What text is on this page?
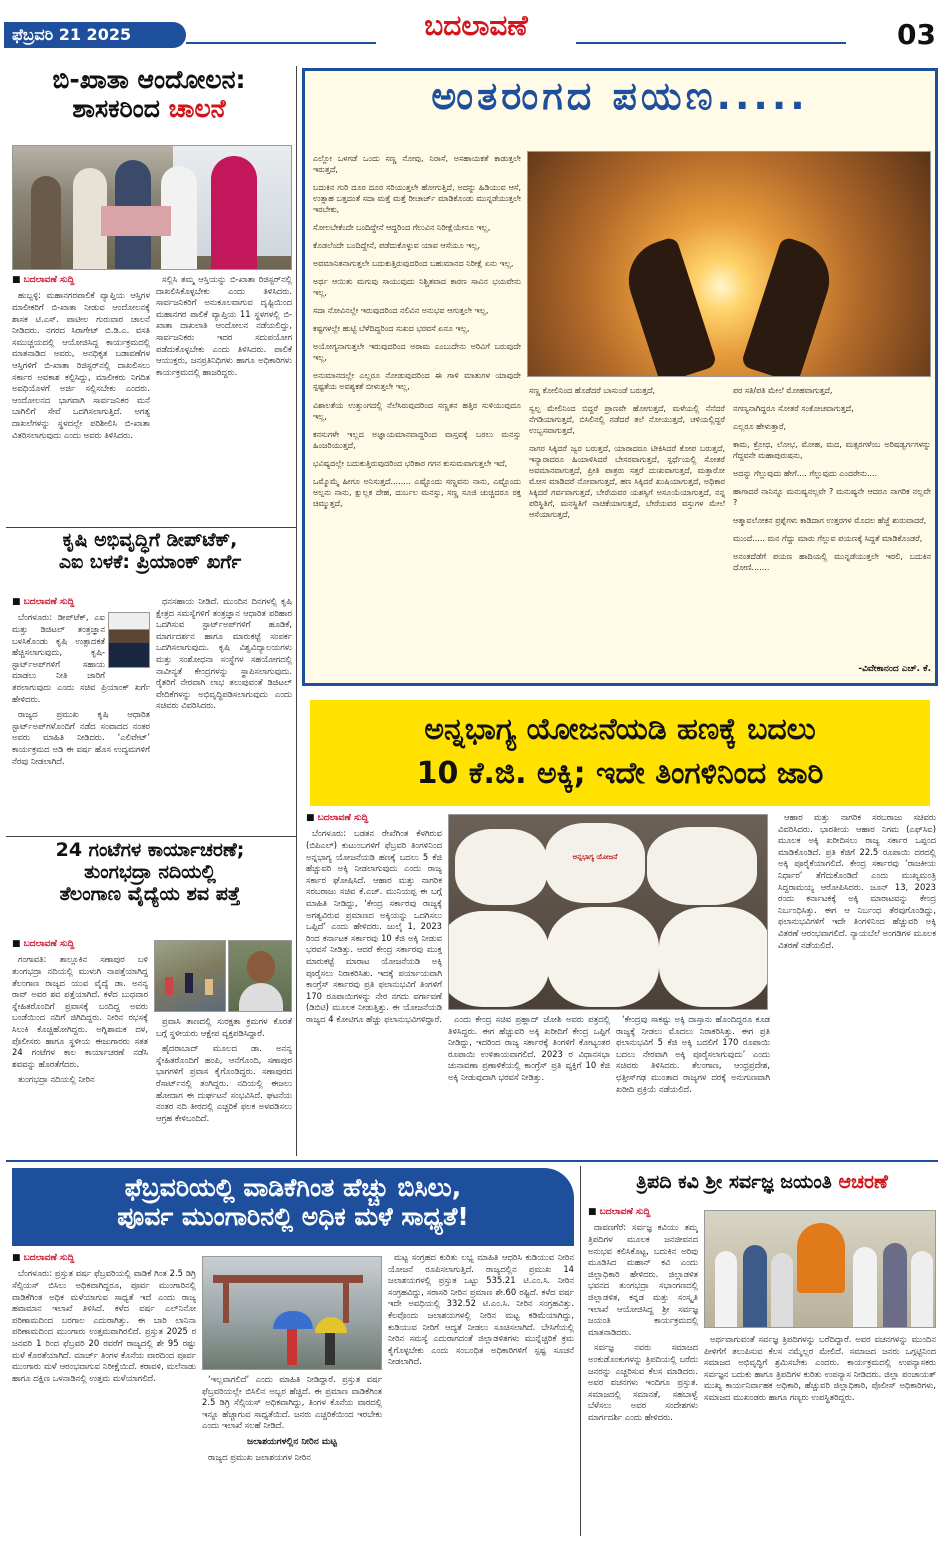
ಫೆಬ್ರವರಿ 21 2025	ಬದಲಾವಣೆ	03
ಬಿ-ಖಾತಾ ಆಂದೋಲನ:
ಶಾಸಕರಿಂದ ಚಾಲನೆ

■ ಬದಲಾವಣೆ ಸುದ್ದಿ

ಹುಬ್ಬಳ್ಳಿ: ಮಹಾನಗರಪಾಲಿಕೆ ವ್ಯಾಪ್ತಿಯ ಆಸ್ತಿಗಳ ಮಾಲೀಕರಿಗೆ ಬಿ-ಖಾತಾ ನೀಡುವ ಆಂದೋಲನಕ್ಕೆ ಶಾಸಕ ಟಿ.ಎಸ್. ಪಾಟೀಲ ಗುರುವಾರ ಚಾಲನೆ ನೀಡಿದರು. ನಗರದ ಸಿರಾಗೇಟ್ ಬಿ.ಡಿ.ಎ. ವಸತಿ ಸಮುಚ್ಚಯದಲ್ಲಿ ಆಯೋಜಿಸಿದ್ದ ಕಾರ್ಯಕ್ರಮದಲ್ಲಿ ಮಾತನಾಡಿದ ಅವರು, ಅನಧಿಕೃತ ಬಡಾವಣೆಗಳ ಆಸ್ತಿಗಳಿಗೆ ಬಿ-ಖಾತಾ ರಿಜಿಸ್ಟರ್‌ನಲ್ಲಿ ದಾಖಲಿಸಲು ಸರ್ಕಾರ ಅವಕಾಶ ಕಲ್ಪಿಸಿದ್ದು, ಮಾಲೀಕರು ನಿಗದಿತ ಅವಧಿಯೊಳಗೆ ಅರ್ಜಿ ಸಲ್ಲಿಸಬೇಕು ಎಂದರು. ಆಂದೋಲನದ ಭಾಗವಾಗಿ ಸಾರ್ವಜನಿಕರ ಮನೆ ಬಾಗಿಲಿಗೆ ಸೇವೆ ಒದಗಿಸಲಾಗುತ್ತಿದೆ. ಅಗತ್ಯ ದಾಖಲೆಗಳನ್ನು ಸ್ಥಳದಲ್ಲೇ ಪರಿಶೀಲಿಸಿ ಬಿ-ಖಾತಾ ವಿತರಿಸಲಾಗುವುದು ಎಂದು ಅವರು ತಿಳಿಸಿದರು.

ಸಲ್ಲಿಸಿ ತಮ್ಮ ಆಸ್ತಿಯನ್ನು ಬಿ-ಖಾತಾ ರಿಜಿಸ್ಟರ್‌ನಲ್ಲಿ ದಾಖಲಿಸಿಕೊಳ್ಳಬೇಕು ಎಂದು ತಿಳಿಸಿದರು. ಸಾರ್ವಜನಿಕರಿಗೆ ಅನುಕೂಲವಾಗುವ ದೃಷ್ಟಿಯಿಂದ ಮಹಾನಗರ ಪಾಲಿಕೆ ವ್ಯಾಪ್ತಿಯ 11 ಸ್ಥಳಗಳಲ್ಲಿ ಬಿ-ಖಾತಾ ದಾಖಲಾತಿ ಆಂದೋಲನ ನಡೆಯಲಿದ್ದು, ಸಾರ್ವಜನಿಕರು ಇದರ ಸದುಪಯೋಗ ಪಡೆದುಕೊಳ್ಳಬೇಕು ಎಂದು ತಿಳಿಸಿದರು. ಪಾಲಿಕೆ ಆಯುಕ್ತರು, ಜನಪ್ರತಿನಿಧಿಗಳು ಹಾಗೂ ಅಧಿಕಾರಿಗಳು ಕಾರ್ಯಕ್ರಮದಲ್ಲಿ ಹಾಜರಿದ್ದರು.

ಕೃಷಿ ಅಭಿವೃದ್ಧಿಗೆ ಡೀಪ್‌ಟೆಕ್,
ಎಐ ಬಳಕೆ: ಪ್ರಿಯಾಂಕ್ ಖರ್ಗೆ

■ ಬದಲಾವಣೆ ಸುದ್ದಿ

ಬೆಂಗಳೂರು: ಡೀಪ್‌ಟೆಕ್, ಎಐ ಮತ್ತು ಡಿಜಿಟಲ್ ತಂತ್ರಜ್ಞಾನ ಬಳಸಿಕೊಂಡು ಕೃಷಿ ಉತ್ಪಾದಕತೆ ಹೆಚ್ಚಿಸಲಾಗುವುದು, ಕೃಷಿ-ಸ್ಟಾರ್ಟ್‌ಅಪ್‌ಗಳಿಗೆ ಸಹಾಯ ಮಾಡಲು ನೀತಿ ಜಾರಿಗೆ ತರಲಾಗುವುದು ಎಂದು ಸಚಿವ ಪ್ರಿಯಾಂಕ್ ಖರ್ಗೆ ಹೇಳಿದರು.

ರಾಜ್ಯದ ಪ್ರಮುಖ ಕೃಷಿ ಆಧಾರಿತ ಸ್ಟಾರ್ಟ್‌ಅಪ್‌ಗಳೊಂದಿಗೆ ನಡೆದ ಸಂವಾದದ ನಂತರ ಅವರು ಮಾಹಿತಿ ನೀಡಿದರು. ‘ಎಲಿವೇಟ್’ ಕಾರ್ಯಕ್ರಮದ ಅಡಿ ಈ ವರ್ಷ ಹೊಸ ಉದ್ಯಮಗಳಿಗೆ ನೆರವು ನೀಡಲಾಗಿದೆ.

ಧನಸಹಾಯ ನೀಡಿದೆ. ಮುಂದಿನ ದಿನಗಳಲ್ಲಿ ಕೃಷಿ ಕ್ಷೇತ್ರದ ಸಮಸ್ಯೆಗಳಿಗೆ ತಂತ್ರಜ್ಞಾನ ಆಧಾರಿತ ಪರಿಹಾರ ಒದಗಿಸುವ ಸ್ಟಾರ್ಟ್‌ಅಪ್‌ಗಳಿಗೆ ಹೂಡಿಕೆ, ಮಾರ್ಗದರ್ಶನ ಹಾಗೂ ಮಾರುಕಟ್ಟೆ ಸಂಪರ್ಕ ಒದಗಿಸಲಾಗುವುದು. ಕೃಷಿ ವಿಶ್ವವಿದ್ಯಾಲಯಗಳು ಮತ್ತು ಸಂಶೋಧನಾ ಸಂಸ್ಥೆಗಳ ಸಹಯೋಗದಲ್ಲಿ ನಾವೀನ್ಯತೆ ಕೇಂದ್ರಗಳನ್ನು ಸ್ಥಾಪಿಸಲಾಗುವುದು. ರೈತರಿಗೆ ನೇರವಾಗಿ ಲಾಭ ತಲುಪುವಂತೆ ಡಿಜಿಟಲ್ ವೇದಿಕೆಗಳನ್ನು ಅಭಿವೃದ್ಧಿಪಡಿಸಲಾಗುವುದು ಎಂದು ಸಚಿವರು ವಿವರಿಸಿದರು.

24 ಗಂಟೆಗಳ ಕಾರ್ಯಾಚರಣೆ;
ತುಂಗಭದ್ರಾ ನದಿಯಲ್ಲಿ
ತೆಲಂಗಾಣ ವೈದ್ಯೆಯ ಶವ ಪತ್ತೆ

■ ಬದಲಾವಣೆ ಸುದ್ದಿ

ಗಂಗಾವತಿ: ತಾಲ್ಲೂಕಿನ ಸಣಾಪುರ ಬಳಿ ತುಂಗಭದ್ರಾ ನದಿಯಲ್ಲಿ ಮುಳುಗಿ ನಾಪತ್ತೆಯಾಗಿದ್ದ ತೆಲಂಗಾಣ ರಾಜ್ಯದ ಯುವ ವೈದ್ಯೆ ಡಾ. ಅನನ್ಯ ರಾವ್ ಅವರ ಶವ ಪತ್ತೆಯಾಗಿದೆ. ಕಳೆದ ಬುಧವಾರ ಸ್ನೇಹಿತರೊಂದಿಗೆ ಪ್ರವಾಸಕ್ಕೆ ಬಂದಿದ್ದ ಅವರು ಬಂಡೆಯಿಂದ ನದಿಗೆ ಜಿಗಿದಿದ್ದರು. ನೀರಿನ ರಭಸಕ್ಕೆ ಸಿಲುಕಿ ಕೊಚ್ಚಿಹೋಗಿದ್ದರು. ಅಗ್ನಿಶಾಮಕ ದಳ, ಪೊಲೀಸರು ಹಾಗೂ ಸ್ಥಳೀಯ ಈಜುಗಾರರು ಸತತ 24 ಗಂಟೆಗಳ ಕಾಲ ಕಾರ್ಯಾಚರಣೆ ನಡೆಸಿ ಶವವನ್ನು ಹೊರತೆಗೆದರು.

ತುಂಗಭದ್ರಾ ನದಿಯಲ್ಲಿ ನೀರಿನ

ಪ್ರವಾಸಿ ತಾಣದಲ್ಲಿ ಸುರಕ್ಷತಾ ಕ್ರಮಗಳ ಕೊರತೆ ಬಗ್ಗೆ ಸ್ಥಳೀಯರು ಆಕ್ಷೇಪ ವ್ಯಕ್ತಪಡಿಸಿದ್ದಾರೆ.

ಹೈದರಾಬಾದ್ ಮೂಲದ ಡಾ. ಅನನ್ಯ ಸ್ನೇಹಿತರೊಂದಿಗೆ ಹಂಪಿ, ಆನೆಗೊಂದಿ, ಸಣಾಪುರ ಭಾಗಗಳಿಗೆ ಪ್ರವಾಸ ಕೈಗೊಂಡಿದ್ದರು. ಸಣಾಪುರದ ರೆಸಾರ್ಟ್‌ನಲ್ಲಿ ತಂಗಿದ್ದರು. ನದಿಯಲ್ಲಿ ಈಜಲು ಹೋದಾಗ ಈ ದುರ್ಘಟನೆ ಸಂಭವಿಸಿದೆ. ಘಟನೆಯ ನಂತರ ನದಿ ತೀರದಲ್ಲಿ ಎಚ್ಚರಿಕೆ ಫಲಕ ಅಳವಡಿಸಲು ಆಗ್ರಹ ಕೇಳಿಬಂದಿದೆ.

ಅಂತರಂಗದ ಪಯಣ.....

ಎಲ್ಲೋ ಒಳಗಡೆ ಒಂದು ಸಣ್ಣ ನೋವು, ನಿರಾಸೆ, ಅಸಹಾಯಕತೆ ಕಾಡುತ್ತಲೇ ಇರುತ್ತದೆ,

ಬದುಕಿನ ಗುರಿ ದೂರ ದೂರ ಸರಿಯುತ್ತಲೇ ಹೋಗುತ್ತಿದೆ, ಅದನ್ನು ಹಿಡಿಯುವ ಆಸೆ, ಉತ್ಸಾಹ ಬತ್ತದಂತೆ ಸದಾ ಮತ್ತೆ ಮತ್ತೆ ರೀಚಾರ್ಜ್ ಮಾಡಿಕೊಂಡು ಮುನ್ನಡೆಯುತ್ತಲೇ ಇರಬೇಕು,

ಸೋಲಬೇಕೆಂದೇ ಬಂದಿದ್ದೇನೆ ಆದ್ದರಿಂದ ಗೆಲುವಿನ ನಿರೀಕ್ಷೆಯೇನೂ ಇಲ್ಲ,

ಕೊಡಲೆಂದೇ ಬಂದಿದ್ದೇನೆ, ಪಡೆದುಕೊಳ್ಳುವ ಯಾವ ಆಸೆಯೂ ಇಲ್ಲ,

ಅವಮಾನಿತನಾಗುತ್ತಲೇ ಬದುಕುತ್ತಿರುವುದರಿಂದ ಬಹುಮಾನದ ನಿರೀಕ್ಷೆ ಏನು ಇಲ್ಲ,

ಅರ್ಥ ಆಯಿತು ಮಗುವು ಸಾಯುವುದು ನಿಶ್ಚಿತವಾದ ಕಾರಣ ಸಾವಿನ ಭಯವೇನು ಇಲ್ಲ,

ಸದಾ ನೋವಿನಲ್ಲೇ ಇರುವುದರಿಂದ ನಲಿವಿನ ಅನುಭವ ಆಗುತ್ತಲೇ ಇಲ್ಲ,

ಕಷ್ಟಗಳಲ್ಲೇ ಹುಟ್ಟಿ ಬೆಳೆದಿದ್ದರಿಂದ ಸುಖದ ಭರವಸೆ ಏನೂ ಇಲ್ಲ,

ಅಯೋಗ್ಯನಾಗುತ್ತಲೇ ಇರುವುದರಿಂದ ಅರಾಮ ಎಂಬುದೇನು ಅರಿವಿಗೆ ಬರುವುದೇ ಇಲ್ಲ,

ಅನುಮಾನದಲ್ಲೇ ಎಲ್ಲರೂ ನೋಡುವುದರಿಂದ ಈ ಗಾಳಿ ಮಾತುಗಳ ಯಾವುದೇ ಸ್ಪಷ್ಟತೆಯ ಅವಶ್ಯಕತೆ ಬೀಳುತ್ತಲೇ ಇಲ್ಲ,

ವಿಶಾಲತೆಯ ಉತ್ತುಂಗದಲ್ಲಿ ನೆಲೆಸಿರುವುದರಿಂದ ಸಣ್ಣತನ ಹತ್ತಿರ ಸುಳಿಯುವುದೂ ಇಲ್ಲ,

ಕನಸುಗಳೇ ಇಲ್ಲದ ಅಜ್ಞಾಯಮಾನವಾದ್ದರಿಂದ ವಾಸ್ತವಕ್ಕೆ ಬರಲು ಮನಸ್ಸು ಹಿಂಜರಿಯುತ್ತದೆ,

ಭವಿಷ್ಯದಲ್ಲೇ ಬದುಕುತ್ತಿರುವುದರಿಂದ ಭರಿಕಾರ ಗಗನ ಕುಸುಮವಾಗುತ್ತಲೇ ಇದೆ,

ಒಮ್ಮೊಮ್ಮೆ ಹೀಗೂ ಅನಿಸುತ್ತದೆ........ ಎಷ್ಟೊಂದು ಸಣ್ಣವನು ನಾನು, ಎಷ್ಟೊಂದು ಅಲ್ಪನು ನಾನು, ಕ್ಷುಲ್ಲಕ ದೇಹ, ದುರ್ಬಲ ಮನಸ್ಸು, ಸಣ್ಣ ಸೂಜಿ ಚುಚ್ಚಿದರೂ ರಕ್ತ ಚಿಮ್ಮುತ್ತದೆ,

ಸಣ್ಣ ಕೋಲಿನಿಂದ ಹೊಡೆದರೆ ಬಾಸುಂಡೆ ಬರುತ್ತದೆ,

ಸ್ವಲ್ಪ ಮೇಲಿನಿಂದ ಬಿದ್ದರೆ ಪ್ರಾಣವೇ ಹೋಗುತ್ತದೆ, ಮಳೆಯಲ್ಲಿ ನೆನೆದರೆ ನೆಗಡಿಯಾಗುತ್ತದೆ, ಬಿಸಿಲಿನಲ್ಲಿ ನಡೆದರೆ ತಲೆ ನೋಯುತ್ತದೆ, ಚಳಿಯಲ್ಲಿದ್ದರೆ ಉಬ್ಬಸವಾಗುತ್ತದೆ,

ನಾಗರ ಸಿಕ್ಕಿದರೆ ಜ್ವರ ಬರುತ್ತದೆ, ಯಾರಾದರೂ ಟೀಕಿಸಿದರೆ ಕೋಪ ಬರುತ್ತದೆ, ಇನ್ಯಾರಾದರೂ ಹಿಯಾಳಿಸಿದರೆ ಬೇಸರವಾಗುತ್ತದೆ, ಸ್ಪರ್ಧೆಯಲ್ಲಿ ಸೋತರೆ ಅವಮಾನವಾಗುತ್ತದೆ, ಪ್ರೀತಿ ಪಾತ್ರರು ಸತ್ತರೆ ದುಃಖವಾಗುತ್ತದೆ, ಮತ್ತಾರೋ ಮೋಸ ಮಾಡಿದರೆ ನೋವಾಗುತ್ತದೆ, ಹಣ ಸಿಕ್ಕಿದರೆ ಖುಷಿಯಾಗುತ್ತದೆ, ಅಧಿಕಾರ ಸಿಕ್ಕಿದರೆ ಗರ್ವವಾಗುತ್ತದೆ, ಬೇರೆಯವರ ಯಶಸ್ಸಿಗೆ ಅಸೂಯೆಯಾಗುತ್ತದೆ, ನನ್ನ ಪರಿಸ್ಥಿತಿಗೆ, ಮನಸ್ಥಿತಿಗೆ ನಾಚಿಕೆಯಾಗುತ್ತದೆ, ಬೇರೆಯವರ ವಸ್ತುಗಳ ಮೇಲೆ ಆಸೆಯಾಗುತ್ತದೆ,

ಪರ ಸತಿ/ಪತಿ ಮೇಲೆ ಮೋಹವಾಗುತ್ತದೆ,

ನಗಣ್ಯನಾಗಿದ್ದರೂ ಸೋತರೆ ಸಂಕೋಚವಾಗುತ್ತದೆ,

ಎಲ್ಲರೂ ಹೇಳುತ್ತಾರೆ,

ಕಾಮ, ಕ್ರೋಧ, ಲೋಭ, ಮೋಹ, ಮದ, ಮತ್ಸರಗಳೆಂಬ ಅರಿಷಡ್ವರ್ಗಗಳನ್ನು ಗೆದ್ದವನೇ ಮಹಾಪುರುಷನು,

ಅದನ್ನು ಗೆಲ್ಲುವುದು ಹೇಗೆ.... ಗೆಲ್ಲುವುದು ಎಂದರೇನು....

ಹಾಗಾದರೆ ನಾನಿನ್ನೂ ಮನುಷ್ಯನಲ್ಲವೇ ? ಮನುಷ್ಯನೇ ಆದರೂ ನಾಗರಿಕ ನಲ್ಲವೇ ?

ಆತ್ಮಾವಲೋಕನ ಪ್ರಶ್ನೆಗಳು ಕಾಡಿದಾಗ ಉತ್ತರಗಳ ಮೊದಲ ಹೆಜ್ಜೆ ಶುರುವಾದರೆ,

ಮುಂದೆ..... ಮನ ಗೆದ್ದು ಮಾರು ಗೆಲ್ಲುವ ಪಯಣಕ್ಕೆ ಸಿದ್ದತೆ ಮಾಡಿಕೊಂಡರೆ,

ಅನಂತದೆಡೆಗೆ ಪಯಣ ಹಾದಿಯಲ್ಲಿ ಮುನ್ನಡೆಯುತ್ತಲೇ ಇರಲಿ, ಬದುಕಿನ ದೋಣಿ.......

-ವಿವೇಕಾನಂದ ಎಚ್. ಕೆ.
ಅನ್ನಭಾಗ್ಯ ಯೋಜನೆಯಡಿ ಹಣಕ್ಕೆ ಬದಲು
10 ಕೆ.ಜಿ. ಅಕ್ಕಿ; ಇದೇ ತಿಂಗಳಿನಿಂದ ಜಾರಿ

■ ಬದಲಾವಣೆ ಸುದ್ದಿ

ಬೆಂಗಳೂರು: ಬಡತನ ರೇಖೆಗಿಂತ ಕೆಳಗಿರುವ (ಬಿಪಿಎಲ್) ಕುಟುಂಬಗಳಿಗೆ ಫೆಬ್ರವರಿ ತಿಂಗಳಿನಿಂದ ಅನ್ನಭಾಗ್ಯ ಯೋಜನೆಯಡಿ ಹಣಕ್ಕೆ ಬದಲು 5 ಕೆಜಿ ಹೆಚ್ಚುವರಿ ಅಕ್ಕಿ ನೀಡಲಾಗುವುದು ಎಂದು ರಾಜ್ಯ ಸರ್ಕಾರ ಘೋಷಿಸಿದೆ. ಆಹಾರ ಮತ್ತು ನಾಗರಿಕ ಸರಬರಾಜು ಸಚಿವ ಕೆ.ಎಚ್. ಮುನಿಯಪ್ಪ ಈ ಬಗ್ಗೆ ಮಾಹಿತಿ ನೀಡಿದ್ದು, ‘ಕೇಂದ್ರ ಸರ್ಕಾರವು ರಾಜ್ಯಕ್ಕೆ ಅಗತ್ಯವಿರುವ ಪ್ರಮಾಣದ ಅಕ್ಕಿಯನ್ನು ಒದಗಿಸಲು ಒಪ್ಪಿದೆ’ ಎಂದು ಹೇಳಿದರು. ಜುಲೈ 1, 2023 ರಿಂದ ಕರ್ನಾಟಕ ಸರ್ಕಾರವು 10 ಕೆಜಿ ಅಕ್ಕಿ ನೀಡುವ ಭರವಸೆ ನೀಡಿತ್ತು. ಆದರೆ ಕೇಂದ್ರ ಸರ್ಕಾರವು ಮುಕ್ತ ಮಾರುಕಟ್ಟೆ ಮಾರಾಟ ಯೋಜನೆಯಡಿ ಅಕ್ಕಿ ಪೂರೈಸಲು ನಿರಾಕರಿಸಿತು. ಇದಕ್ಕೆ ಪರ್ಯಾಯವಾಗಿ ಕಾಂಗ್ರೆಸ್ ಸರ್ಕಾರವು ಪ್ರತಿ ಫಲಾನುಭವಿಗೆ ತಿಂಗಳಿಗೆ 170 ರೂಪಾಯಿಗಳನ್ನು ನೇರ ನಗದು ವರ್ಗಾವಣೆ (ಡಿಬಿಟಿ) ಮೂಲಕ ನೀಡುತ್ತಿತ್ತು. ಈ ಯೋಜನೆಯಡಿ ರಾಜ್ಯದ 4 ಕೋಟಿಗೂ ಹೆಚ್ಚು ಫಲಾನುಭವಿಗಳಿದ್ದಾರೆ.

ಅನ್ನಭಾಗ್ಯ ಯೋಜನೆ

ಎಂದು ಕೇಂದ್ರ ಸಚಿವ ಪ್ರಹ್ಲಾದ್ ಜೋಶಿ ಅವರು ಪತ್ರದಲ್ಲಿ ತಿಳಿಸಿದ್ದರು. ಈಗ ಹೆಚ್ಚುವರಿ ಅಕ್ಕಿ ಖರೀದಿಗೆ ಕೇಂದ್ರ ಒಪ್ಪಿಗೆ ನೀಡಿದ್ದು, ಇದರಿಂದ ರಾಜ್ಯ ಸರ್ಕಾರಕ್ಕೆ ತಿಂಗಳಿಗೆ ಕೋಟ್ಯಂತರ ರೂಪಾಯಿ ಉಳಿತಾಯವಾಗಲಿದೆ. 2023 ರ ವಿಧಾನಸಭಾ ಚುನಾವಣಾ ಪ್ರಣಾಳಿಕೆಯಲ್ಲಿ ಕಾಂಗ್ರೆಸ್ ಪ್ರತಿ ವ್ಯಕ್ತಿಗೆ 10 ಕೆಜಿ ಅಕ್ಕಿ ನೀಡುವುದಾಗಿ ಭರವಸೆ ನೀಡಿತ್ತು.

‘ಕೇಂದ್ರವು ಸಾಕಷ್ಟು ಅಕ್ಕಿ ದಾಸ್ತಾನು ಹೊಂದಿದ್ದರೂ ಕೂಡ ರಾಜ್ಯಕ್ಕೆ ನೀಡಲು ಮೊದಲು ನಿರಾಕರಿಸಿತ್ತು. ಈಗ ಪ್ರತಿ ಫಲಾನುಭವಿಗೆ 5 ಕೆಜಿ ಅಕ್ಕಿ ಬದಲಿಗೆ 170 ರೂಪಾಯಿ ಬದಲು ನೇರವಾಗಿ ಅಕ್ಕಿ ಪೂರೈಸಲಾಗುವುದು’ ಎಂದು ಸಚಿವರು ತಿಳಿಸಿದರು. ತೆಲಂಗಾಣ, ಆಂಧ್ರಪ್ರದೇಶ, ಛತ್ತೀಸ್‌ಗಢ ಮುಂತಾದ ರಾಜ್ಯಗಳ ದರಕ್ಕೆ ಅನುಗುಣವಾಗಿ ಖರೀದಿ ಪ್ರಕ್ರಿಯೆ ನಡೆಯಲಿದೆ.

ಆಹಾರ ಮತ್ತು ನಾಗರಿಕ ಸರಬರಾಜು ಸಚಿವರು ವಿವರಿಸಿದರು. ಭಾರತೀಯ ಆಹಾರ ನಿಗಮ (ಎಫ್‌ಸಿಐ) ಮೂಲಕ ಅಕ್ಕಿ ಖರೀದಿಸಲು ರಾಜ್ಯ ಸರ್ಕಾರ ಒಪ್ಪಂದ ಮಾಡಿಕೊಂಡಿದೆ. ಪ್ರತಿ ಕೆಜಿಗೆ 22.5 ರೂಪಾಯಿ ದರದಲ್ಲಿ ಅಕ್ಕಿ ಪೂರೈಕೆಯಾಗಲಿದೆ. ಕೇಂದ್ರ ಸರ್ಕಾರವು ‘ರಾಜಕೀಯ ನಿರ್ಧಾರ’ ತೆಗೆದುಕೊಂಡಿದೆ ಎಂದು ಮುಖ್ಯಮಂತ್ರಿ ಸಿದ್ದರಾಮಯ್ಯ ಆರೋಪಿಸಿದರು. ಜೂನ್ 13, 2023 ರಂದು ಕರ್ನಾಟಕಕ್ಕೆ ಅಕ್ಕಿ ಮಾರಾಟವನ್ನು ಕೇಂದ್ರ ನಿರ್ಬಂಧಿಸಿತ್ತು. ಈಗ ಆ ನಿರ್ಬಂಧ ತೆರವುಗೊಂಡಿದ್ದು, ಫಲಾನುಭವಿಗಳಿಗೆ ಇದೇ ತಿಂಗಳಿನಿಂದ ಹೆಚ್ಚುವರಿ ಅಕ್ಕಿ ವಿತರಣೆ ಆರಂಭವಾಗಲಿದೆ. ನ್ಯಾಯಬೆಲೆ ಅಂಗಡಿಗಳ ಮೂಲಕ ವಿತರಣೆ ನಡೆಯಲಿದೆ.

ಫೆಬ್ರವರಿಯಲ್ಲಿ ವಾಡಿಕೆಗಿಂತ ಹೆಚ್ಚು ಬಿಸಿಲು,
ಪೂರ್ವ ಮುಂಗಾರಿನಲ್ಲಿ ಅಧಿಕ ಮಳೆ ಸಾಧ್ಯತೆ!

■ ಬದಲಾವಣೆ ಸುದ್ದಿ

ಬೆಂಗಳೂರು: ಪ್ರಸ್ತುತ ವರ್ಷ ಫೆಬ್ರವರಿಯಲ್ಲಿ ವಾಡಿಕೆ ಗಿಂತ 2.5 ಡಿಗ್ರಿ ಸೆಲ್ಸಿಯಸ್ ಬಿಸಿಲು ಅಧಿಕವಾಗಿದ್ದರೂ, ಪೂರ್ವ ಮುಂಗಾರಿನಲ್ಲಿ ವಾಡಿಕೆಗಿಂತ ಅಧಿಕ ಮಳೆಯಾಗುವ ಸಾಧ್ಯತೆ ಇದೆ ಎಂದು ರಾಜ್ಯ ಹವಾಮಾನ ಇಲಾಖೆ ತಿಳಿಸಿದೆ. ಕಳೆದ ವರ್ಷ ಎಲ್‌ನಿನೋ ಪರಿಣಾಮದಿಂದ ಬರಗಾಲ ಎದುರಾಗಿತ್ತು. ಈ ಬಾರಿ ಲಾನಿನಾ ಪರಿಣಾಮದಿಂದ ಮುಂಗಾರು ಉತ್ತಮವಾಗಿರಲಿದೆ. ಪ್ರಸ್ತುತ 2025 ರ ಜನವರಿ 1 ರಿಂದ ಫೆಬ್ರವರಿ 20 ರವರೆಗೆ ರಾಜ್ಯದಲ್ಲಿ ಶೇ 95 ರಷ್ಟು ಮಳೆ ಕೊರತೆಯಾಗಿದೆ. ಮಾರ್ಚ್ ತಿಂಗಳ ಕೊನೆಯ ವಾರದಿಂದ ಪೂರ್ವ ಮುಂಗಾರು ಮಳೆ ಆರಂಭವಾಗುವ ನಿರೀಕ್ಷೆಯಿದೆ. ಕರಾವಳಿ, ಮಲೆನಾಡು ಹಾಗೂ ದಕ್ಷಿಣ ಒಳನಾಡಿನಲ್ಲಿ ಉತ್ತಮ ಮಳೆಯಾಗಲಿದೆ.	‘ಇಲ್ಲವಾಗಲಿದೆ’ ಎಂದು ಮಾಹಿತಿ ನೀಡಿದ್ದಾರೆ. ಪ್ರಸ್ತುತ ವರ್ಷ ಫೆಬ್ರವರಿಯಲ್ಲೇ ಬಿಸಿಲಿನ ಅಬ್ಬರ ಹೆಚ್ಚಿದೆ. ಈ ಪ್ರಮಾಣ ವಾಡಿಕೆಗಿಂತ 2.5 ಡಿಗ್ರಿ ಸೆಲ್ಸಿಯಸ್ ಅಧಿಕವಾಗಿದ್ದು, ತಿಂಗಳ ಕೊನೆಯ ವಾರದಲ್ಲಿ ಇನ್ನೂ ಹೆಚ್ಚಾಗುವ ಸಾಧ್ಯತೆಯಿದೆ. ಜನರು ಎಚ್ಚರಿಕೆಯಿಂದ ಇರಬೇಕು ಎಂದು ಇಲಾಖೆ ಸಲಹೆ ನೀಡಿದೆ.

ಜಲಾಶಯಗಳಲ್ಲಿನ ನೀರಿನ ಮಟ್ಟ

ರಾಜ್ಯದ ಪ್ರಮುಖ ಜಲಾಶಯಗಳ ನೀರಿನ

ಮಟ್ಟ ಸಂಗ್ರಹದ ಕುರಿತು ಲಭ್ಯ ಮಾಹಿತಿ ಆಧರಿಸಿ ಕುಡಿಯುವ ನೀರಿನ ಯೋಜನೆ ರೂಪಿಸಲಾಗುತ್ತಿದೆ. ರಾಜ್ಯದಲ್ಲಿನ ಪ್ರಮುಖ 14 ಜಲಾಶಯಗಳಲ್ಲಿ ಪ್ರಸ್ತುತ ಒಟ್ಟು 535.21 ಟಿ.ಎಂ.ಸಿ. ನೀರಿನ ಸಂಗ್ರಹವಿದ್ದು, ಸರಾಸರಿ ನೀರಿನ ಪ್ರಮಾಣ ಶೇ.60 ರಷ್ಟಿದೆ. ಕಳೆದ ವರ್ಷ ಇದೇ ಅವಧಿಯಲ್ಲಿ 332.52 ಟಿ.ಎಂ.ಸಿ. ನೀರಿನ ಸಂಗ್ರಹವಿತ್ತು. ಕೆಲವೊಂದು ಜಲಾಶಯಗಳಲ್ಲಿ ನೀರಿನ ಮಟ್ಟ ಕಡಿಮೆಯಾಗಿದ್ದು, ಕುಡಿಯುವ ನೀರಿಗೆ ಆದ್ಯತೆ ನೀಡಲು ಸೂಚಿಸಲಾಗಿದೆ. ಬೇಸಿಗೆಯಲ್ಲಿ ನೀರಿನ ಸಮಸ್ಯೆ ಎದುರಾಗದಂತೆ ಜಿಲ್ಲಾಡಳಿತಗಳು ಮುನ್ನೆಚ್ಚರಿಕೆ ಕ್ರಮ ಕೈಗೊಳ್ಳಬೇಕು ಎಂದು ಸಂಬಂಧಿತ ಅಧಿಕಾರಿಗಳಿಗೆ ಸ್ಪಷ್ಟ ಸೂಚನೆ ನೀಡಲಾಗಿದೆ.

ತ್ರಿಪದಿ ಕವಿ ಶ್ರೀ ಸರ್ವಜ್ಞ ಜಯಂತಿ ಆಚರಣೆ

■ ಬದಲಾವಣೆ ಸುದ್ದಿ

ದಾವಣಗೆರೆ: ಸರ್ವಜ್ಞ ಕವಿಯು ತಮ್ಮ ತ್ರಿಪದಿಗಳ ಮೂಲಕ ಜನಜೀವನದ ಅನುಭವ ಕಲಿಸಿಕೊಟ್ಟ, ಬದುಕಿನ ಅರಿವು ಮೂಡಿಸಿದ ಮಹಾನ್ ಕವಿ ಎಂದು ಜಿಲ್ಲಾಧಿಕಾರಿ ಹೇಳಿದರು. ಜಿಲ್ಲಾಡಳಿತ ಭವನದ ತುಂಗಭದ್ರಾ ಸಭಾಂಗಣದಲ್ಲಿ ಜಿಲ್ಲಾಡಳಿತ, ಕನ್ನಡ ಮತ್ತು ಸಂಸ್ಕೃತಿ ಇಲಾಖೆ ಆಯೋಜಿಸಿದ್ದ ಶ್ರೀ ಸರ್ವಜ್ಞ ಜಯಂತಿ ಕಾರ್ಯಕ್ರಮದಲ್ಲಿ ಮಾತನಾಡಿದರು.

ಸರ್ವಜ್ಞ ನವರು ಸಮಾಜದ ಅಂಕುಡೊಂಕುಗಳನ್ನು ತ್ರಿಪದಿಯಲ್ಲಿ ಬರೆದು ಜನರನ್ನು ಎಚ್ಚರಿಸುವ ಕೆಲಸ ಮಾಡಿದರು. ಅವರ ವಚನಗಳು ಇಂದಿಗೂ ಪ್ರಸ್ತುತ. ಸಮಾಜದಲ್ಲಿ ಸಮಾನತೆ, ಸಹಬಾಳ್ವೆ ಬೆಳೆಸಲು ಅವರ ಸಂದೇಶಗಳು ಮಾರ್ಗದರ್ಶಿ ಎಂದು ಹೇಳಿದರು.

ಅರ್ಥವಾಗುವಂತೆ ಸರ್ವಜ್ಞ ತ್ರಿಪದಿಗಳನ್ನು ಬರೆದಿದ್ದಾರೆ. ಅವರ ವಚನಗಳನ್ನು ಮುಂದಿನ ಪೀಳಿಗೆಗೆ ತಲುಪಿಸುವ ಕೆಲಸ ನಮ್ಮೆಲ್ಲರ ಮೇಲಿದೆ. ಸಮಾಜದ ಜನರು ಒಗ್ಗಟ್ಟಿನಿಂದ ಸಮಾಜದ ಅಭಿವೃದ್ಧಿಗೆ ಶ್ರಮಿಸಬೇಕು ಎಂದರು. ಕಾರ್ಯಕ್ರಮದಲ್ಲಿ ಉಪನ್ಯಾಸಕರು ಸರ್ವಜ್ಞನ ಬದುಕು ಹಾಗೂ ತ್ರಿಪದಿಗಳ ಕುರಿತು ಉಪನ್ಯಾಸ ನೀಡಿದರು. ಜಿಲ್ಲಾ ಪಂಚಾಯತ್ ಮುಖ್ಯ ಕಾರ್ಯನಿರ್ವಾಹಕ ಅಧಿಕಾರಿ, ಹೆಚ್ಚುವರಿ ಜಿಲ್ಲಾಧಿಕಾರಿ, ಪೊಲೀಸ್ ಅಧಿಕಾರಿಗಳು, ಸಮಾಜದ ಮುಖಂಡರು ಹಾಗೂ ಗಣ್ಯರು ಉಪಸ್ಥಿತರಿದ್ದರು.
